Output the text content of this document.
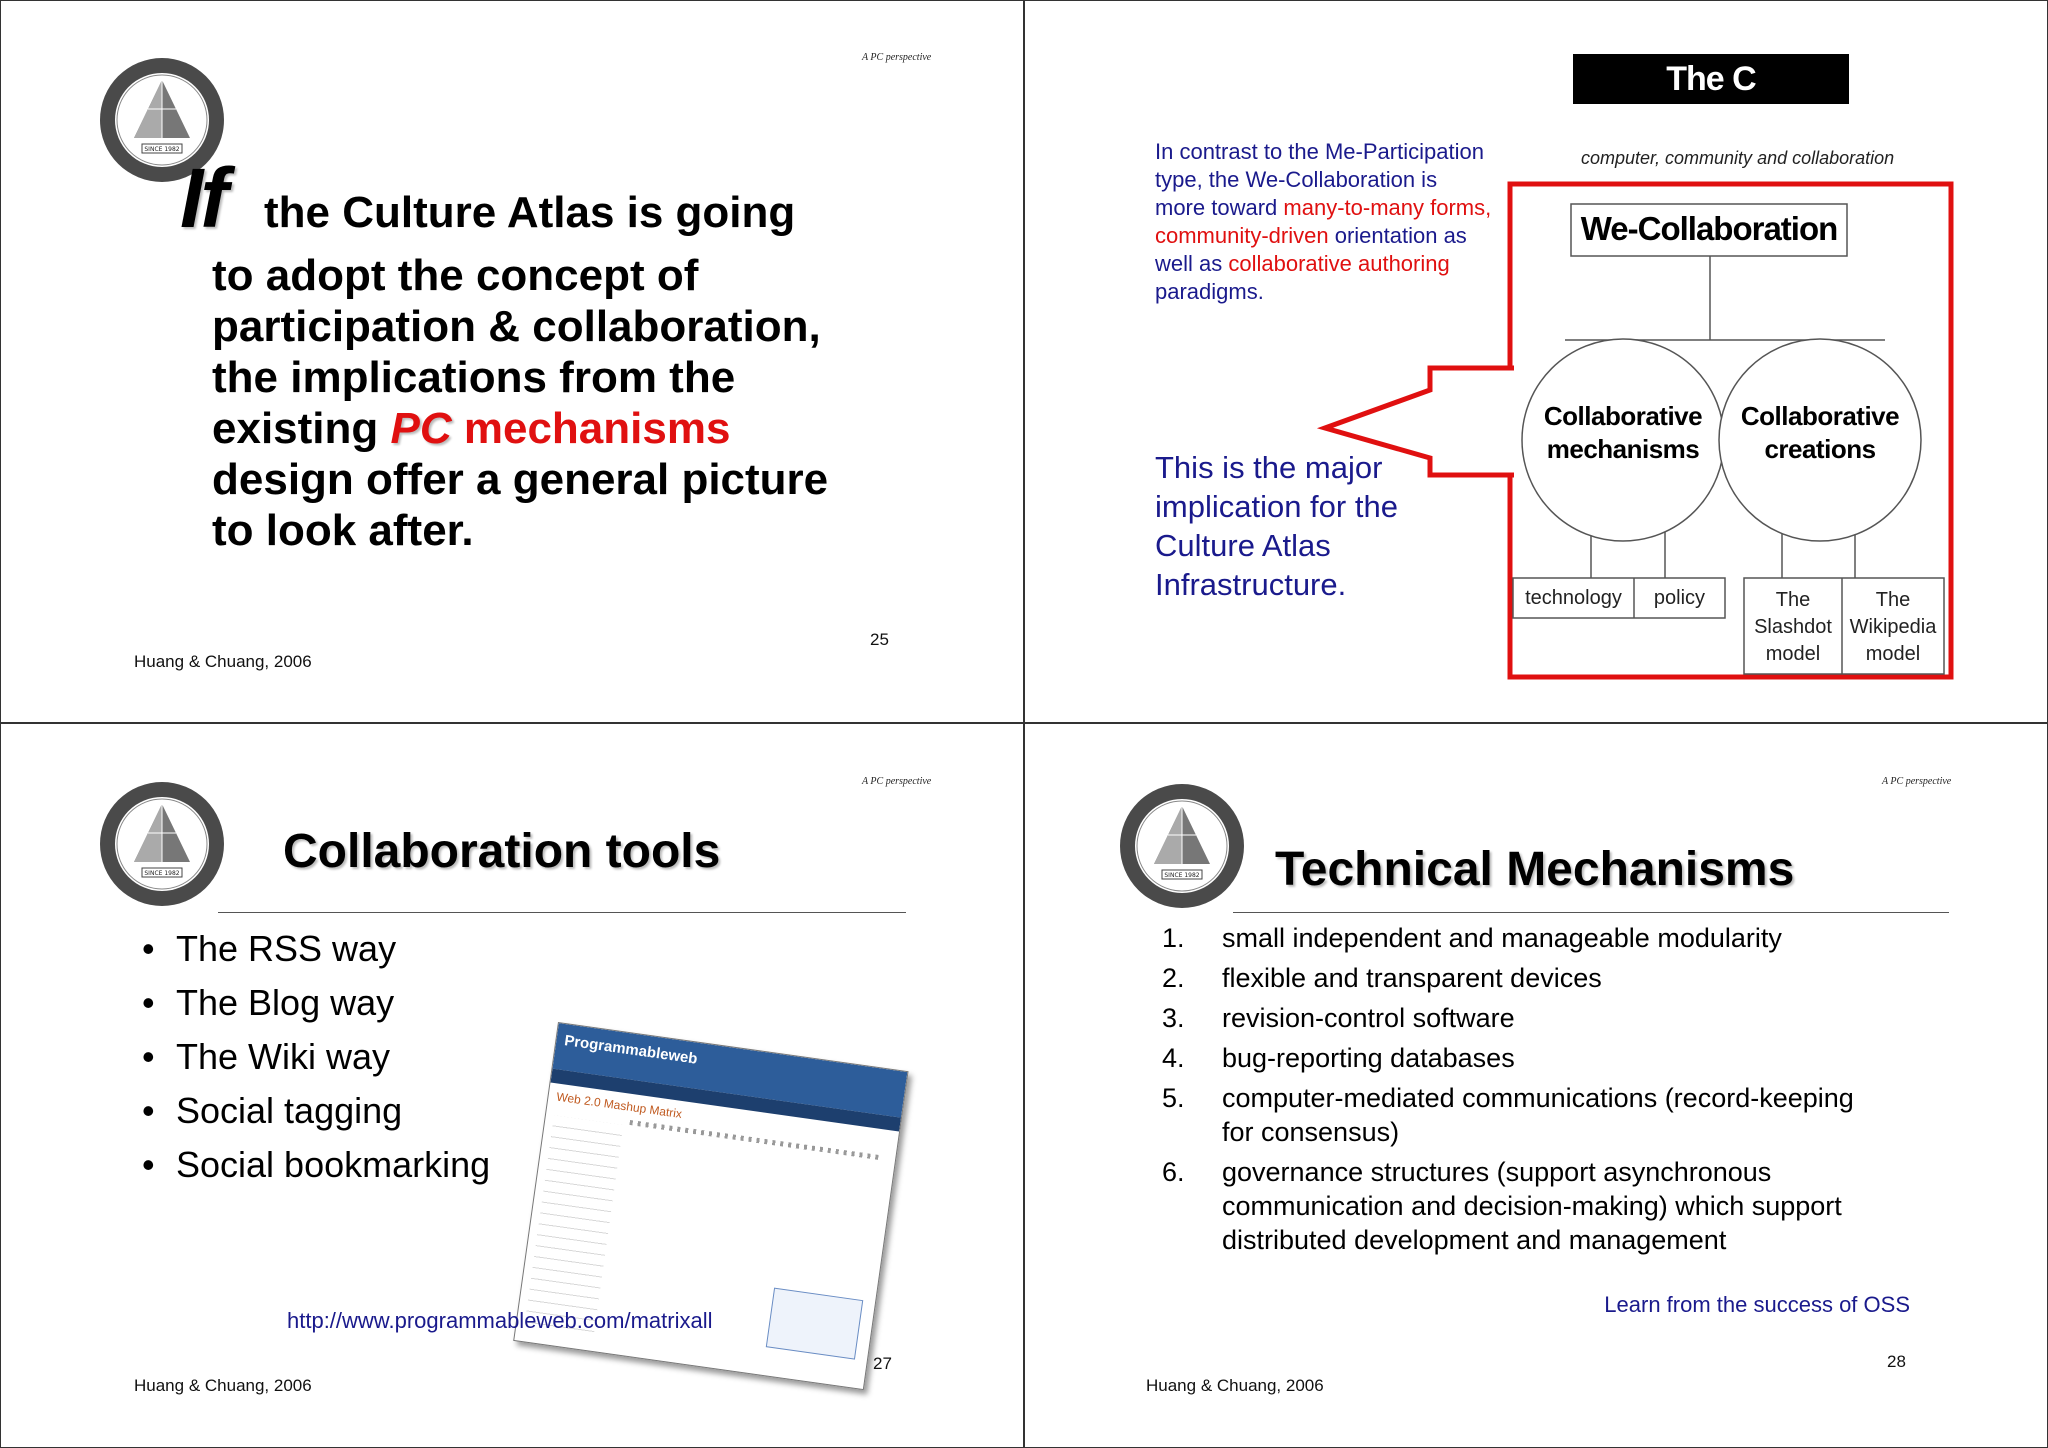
SINCE 1982
A PC perspective
If the Culture Atlas is going
to adopt the concept of
participation & collaboration,
the implications from the
existing PC mechanisms
design offer a general picture
to look after.
25
Huang & Chuang, 2006
The C phenomena
computer, community and collaboration
In contrast to the Me-Participation
type, the We-Collaboration is
more toward many-to-many forms,
community-driven orientation as
well as collaborative authoring
paradigms.
This is the major
implication for the
Culture Atlas
Infrastructure.
We-Collaboration
Collaborative
mechanisms
Collaborative
creations
technology	policy	The
Slashdot
model
The
Wikipedia
model
SINCE 1982
A PC perspective
Collaboration tools
• The RSS way
• The Blog way
• The Wiki way
• Social tagging
• Social bookmarking
Programmableweb
Web 2.0 Mashup Matrix
http://www.programmableweb.com/matrixall
27
Huang & Chuang, 2006
SINCE 1982
A PC perspective
Technical Mechanisms
1. small independent and manageable modularity
2. flexible and transparent devices
3. revision-control software
4. bug-reporting databases
5. computer-mediated communications (record-keeping
for consensus)
6. governance structures (support asynchronous
communication and decision-making) which support
distributed development and management
Learn from the success of OSS
28
Huang & Chuang, 2006
